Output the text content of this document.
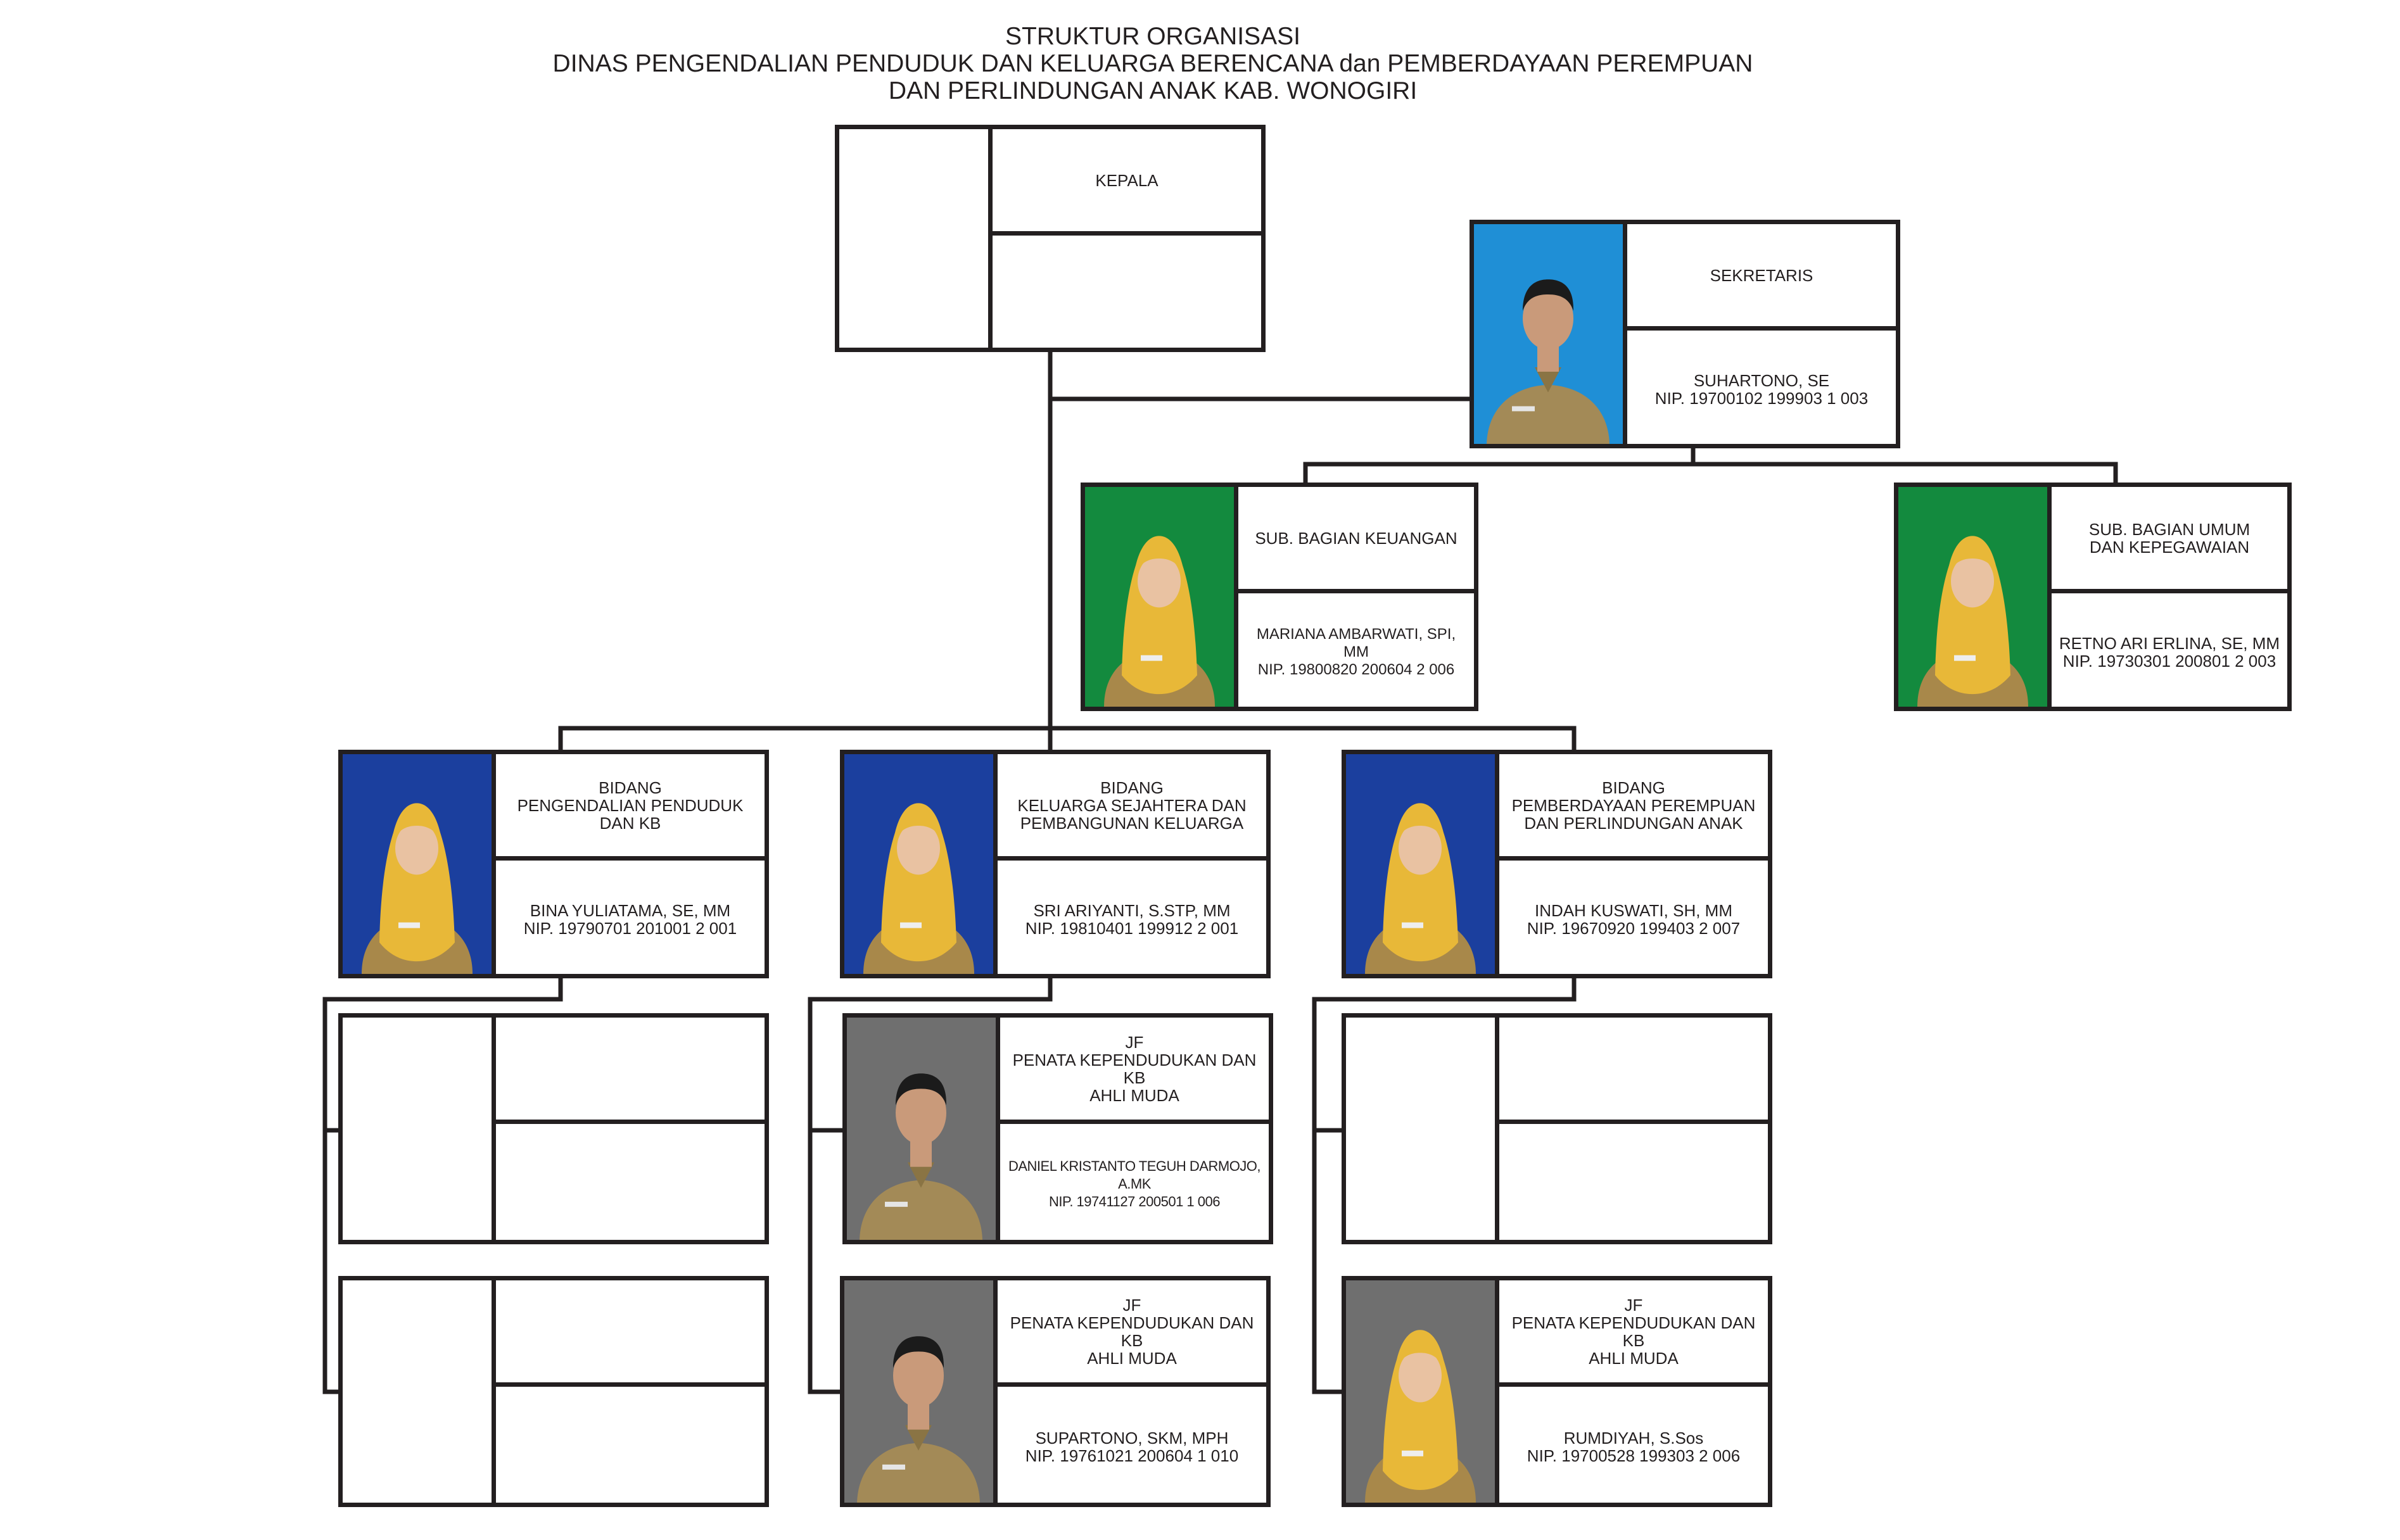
STRUKTUR ORGANISASI
DINAS PENGENDALIAN PENDUDUK DAN KELUARGA BERENCANA dan PEMBERDAYAAN PEREMPUAN
DAN PERLINDUNGAN ANAK KAB. WONOGIRI
KEPALA
SEKRETARIS
SUHARTONO, SE
NIP. 19700102 199903 1 003
SUB. BAGIAN KEUANGAN
MARIANA AMBARWATI, SPI, MM
NIP. 19800820 200604 2 006
SUB. BAGIAN UMUM
DAN KEPEGAWAIAN
RETNO ARI ERLINA, SE, MM
NIP. 19730301 200801 2 003
BIDANG
PENGENDALIAN PENDUDUK
DAN KB
BINA YULIATAMA, SE, MM
NIP. 19790701 201001 2 001
BIDANG
KELUARGA SEJAHTERA DAN
PEMBANGUNAN KELUARGA
SRI ARIYANTI, S.STP, MM
NIP. 19810401 199912 2 001
BIDANG
PEMBERDAYAAN PEREMPUAN
DAN PERLINDUNGAN ANAK
INDAH KUSWATI, SH, MM
NIP. 19670920 199403 2 007
JF
PENATA KEPENDUDUKAN DAN KB
AHLI MUDA
DANIEL KRISTANTO TEGUH DARMOJO, A.MK
NIP. 19741127 200501 1 006
JF
PENATA KEPENDUDUKAN DAN KB
AHLI MUDA
SUPARTONO, SKM, MPH
NIP. 19761021 200604 1 010
JF
PENATA KEPENDUDUKAN DAN KB
AHLI MUDA
RUMDIYAH, S.Sos
NIP. 19700528 199303 2 006
